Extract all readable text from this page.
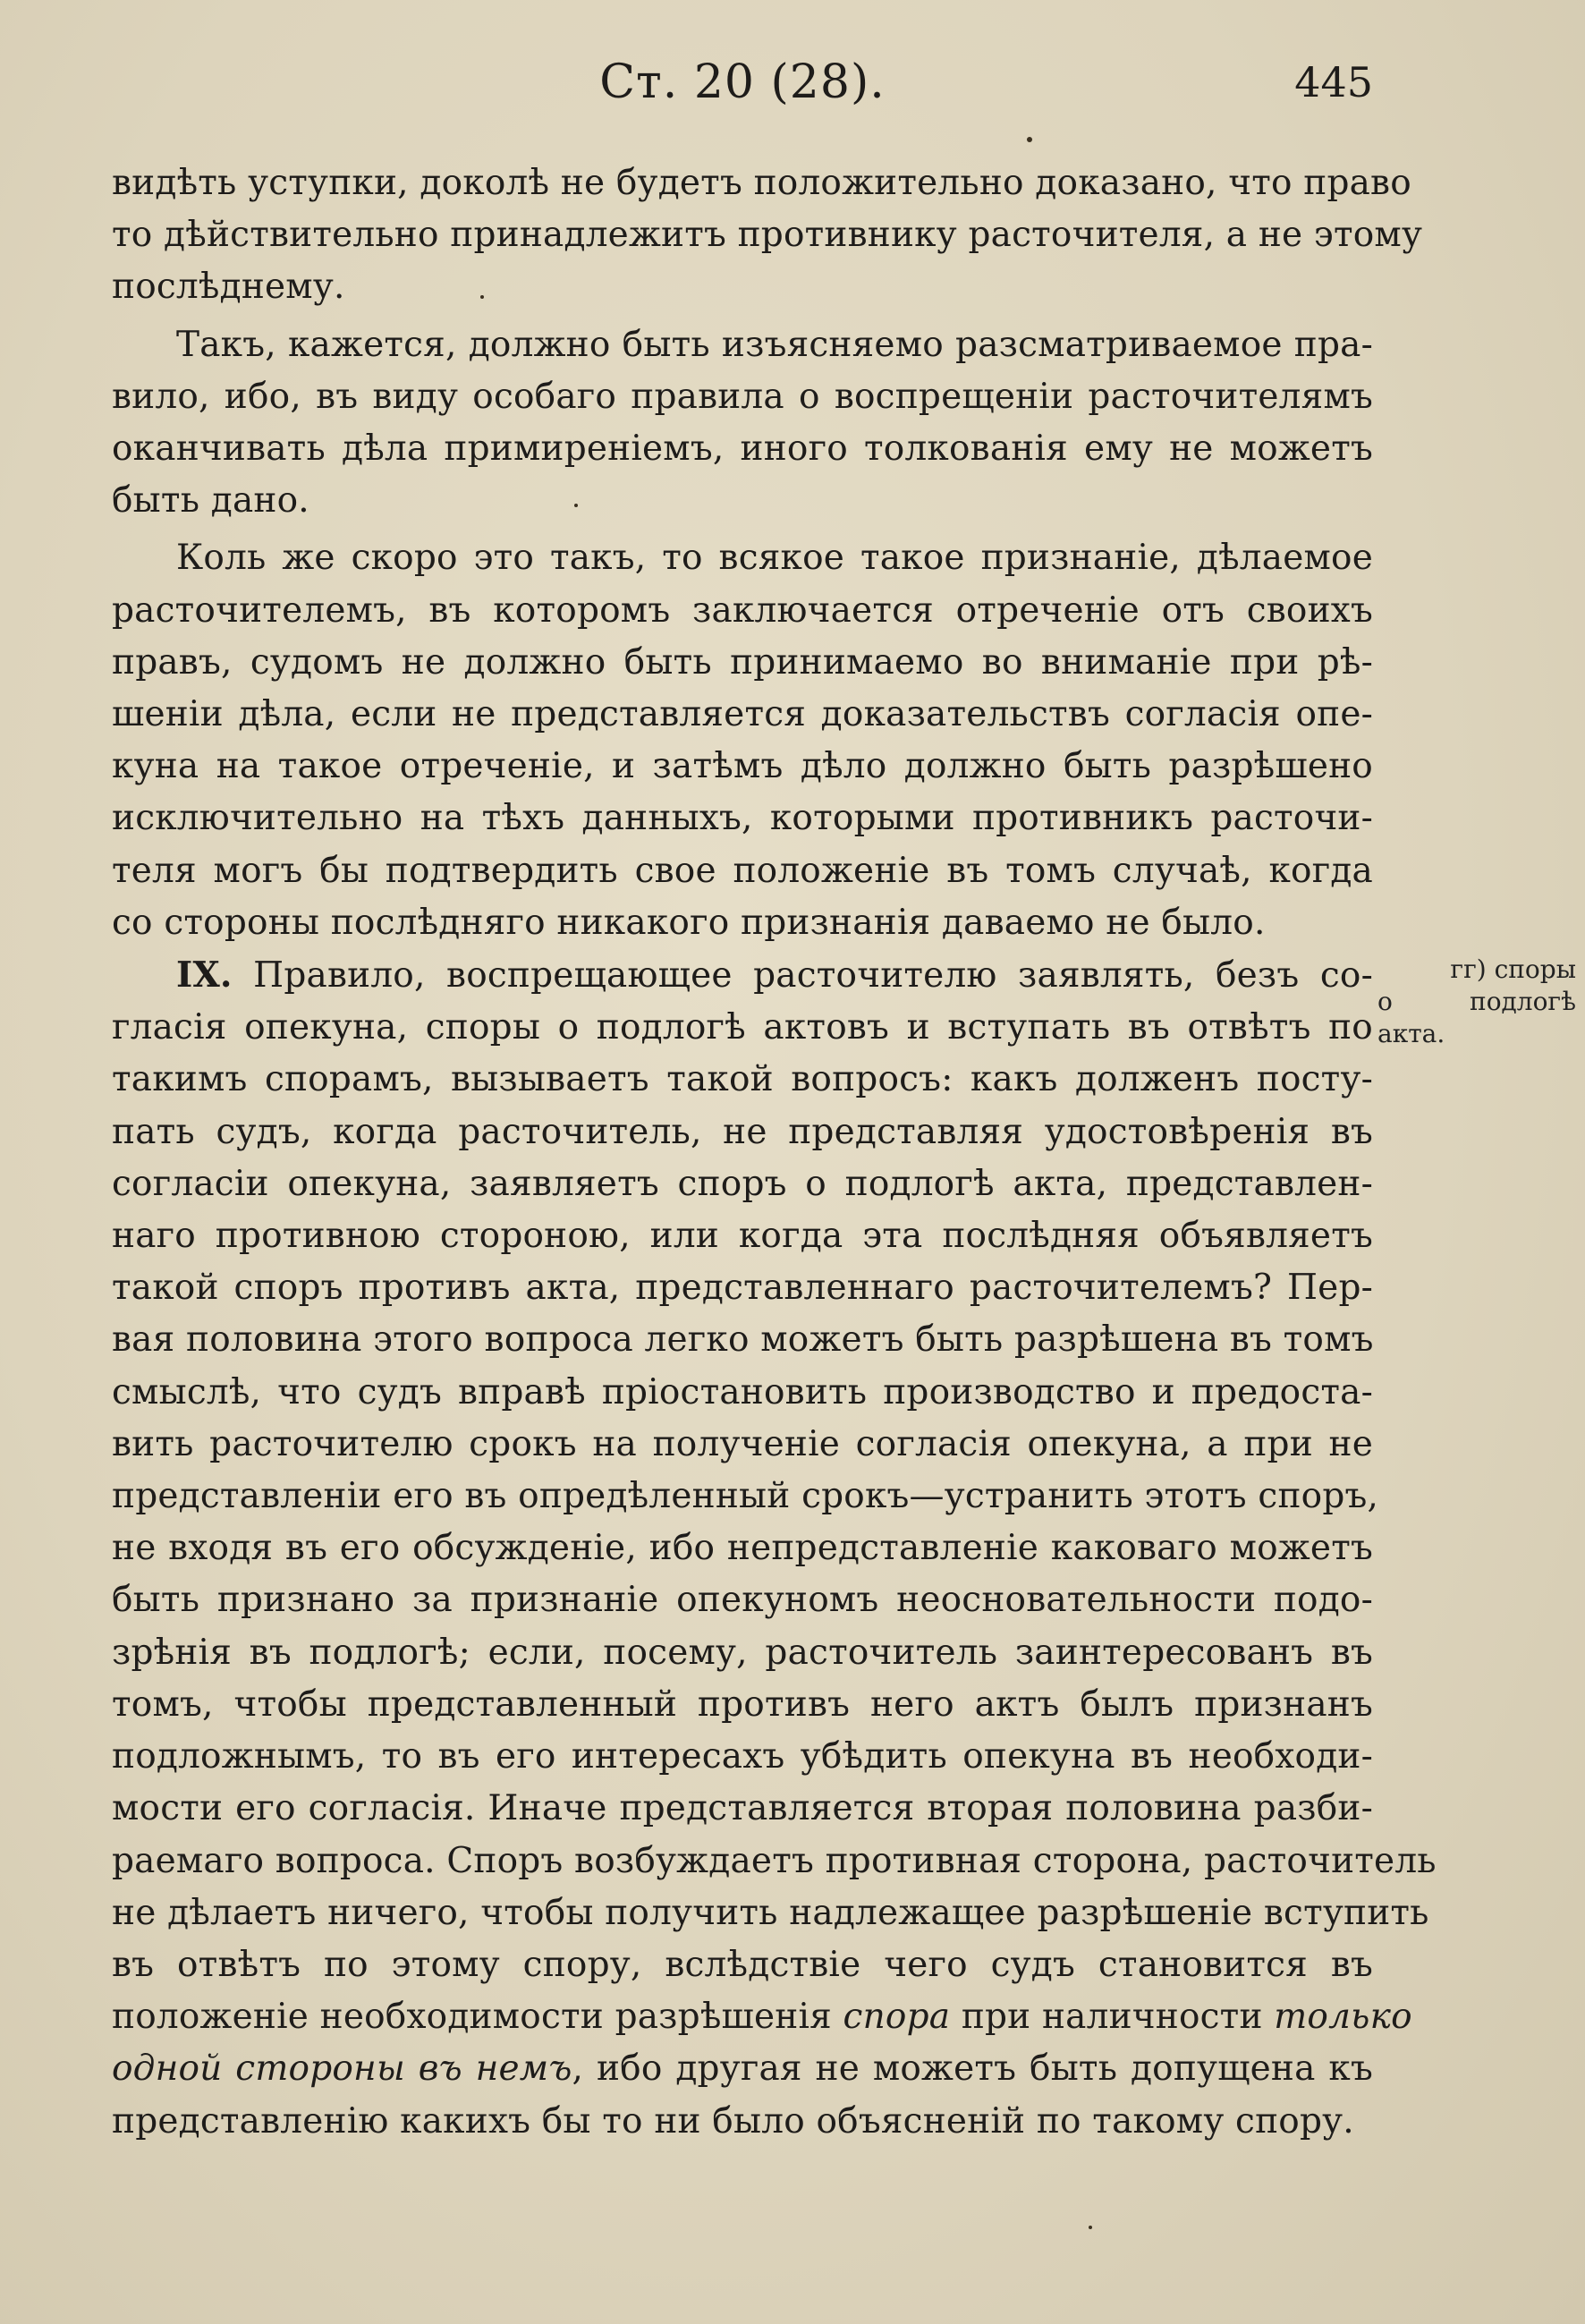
Ст. 20 (28).	445
видѣть уступки, доколѣ не будетъ положительно доказано, что право
то дѣйствительно принадлежитъ противнику расточителя, а не этому
послѣднему.
Такъ, кажется, должно быть изъясняемо разсматриваемое пра-
вило, ибо, въ виду особаго правила о воспрещеніи расточителямъ
оканчивать дѣла примиреніемъ, иного толкованія ему не можетъ
быть дано.
Коль же скоро это такъ, то всякое такое признаніе, дѣлаемое
расточителемъ, въ которомъ заключается отреченіе отъ своихъ
правъ, судомъ не должно быть принимаемо во вниманіе при рѣ-
шеніи дѣла, если не представляется доказательствъ согласія опе-
куна на такое отреченіе, и затѣмъ дѣло должно быть разрѣшено
исключительно на тѣхъ данныхъ, которыми противникъ расточи-
теля могъ бы подтвердить свое положеніе въ томъ случаѣ, когда
со стороны послѣдняго никакого признанія даваемо не было.
IX. Правило, воспрещающее расточителю заявлять, безъ со-
гласія опекуна, споры о подлогѣ актовъ и вступать въ отвѣтъ по
такимъ спорамъ, вызываетъ такой вопросъ: какъ долженъ посту-
пать судъ, когда расточитель, не представляя удостовѣренія въ
согласіи опекуна, заявляетъ споръ о подлогѣ акта, представлен-
наго противною стороною, или когда эта послѣдняя объявляетъ
такой споръ противъ акта, представленнаго расточителемъ? Пер-
вая половина этого вопроса легко можетъ быть разрѣшена въ томъ
смыслѣ, что судъ вправѣ пріостановить производство и предоста-
вить расточителю срокъ на полученіе согласія опекуна, а при не
представленіи его въ опредѣленный срокъ—устранить этотъ споръ,
не входя въ его обсужденіе, ибо непредставленіе каковаго можетъ
быть признано за признаніе опекуномъ неосновательности подо-
зрѣнія въ подлогѣ; если, посему, расточитель заинтересованъ въ
томъ, чтобы представленный противъ него актъ былъ признанъ
подложнымъ, то въ его интересахъ убѣдить опекуна въ необходи-
мости его согласія. Иначе представляется вторая половина разби-
раемаго вопроса. Споръ возбуждаетъ противная сторона, расточитель
не дѣлаетъ ничего, чтобы получить надлежащее разрѣшеніе вступить
въ отвѣтъ по этому спору, вслѣдствіе чего судъ становится въ
положеніе необходимости разрѣшенія спора при наличности только
одной стороны въ немъ, ибо другая не можетъ быть допущена къ
представленію какихъ бы то ни было объясненій по такому спору.
гг) споры
о	подлогѣ
акта.
